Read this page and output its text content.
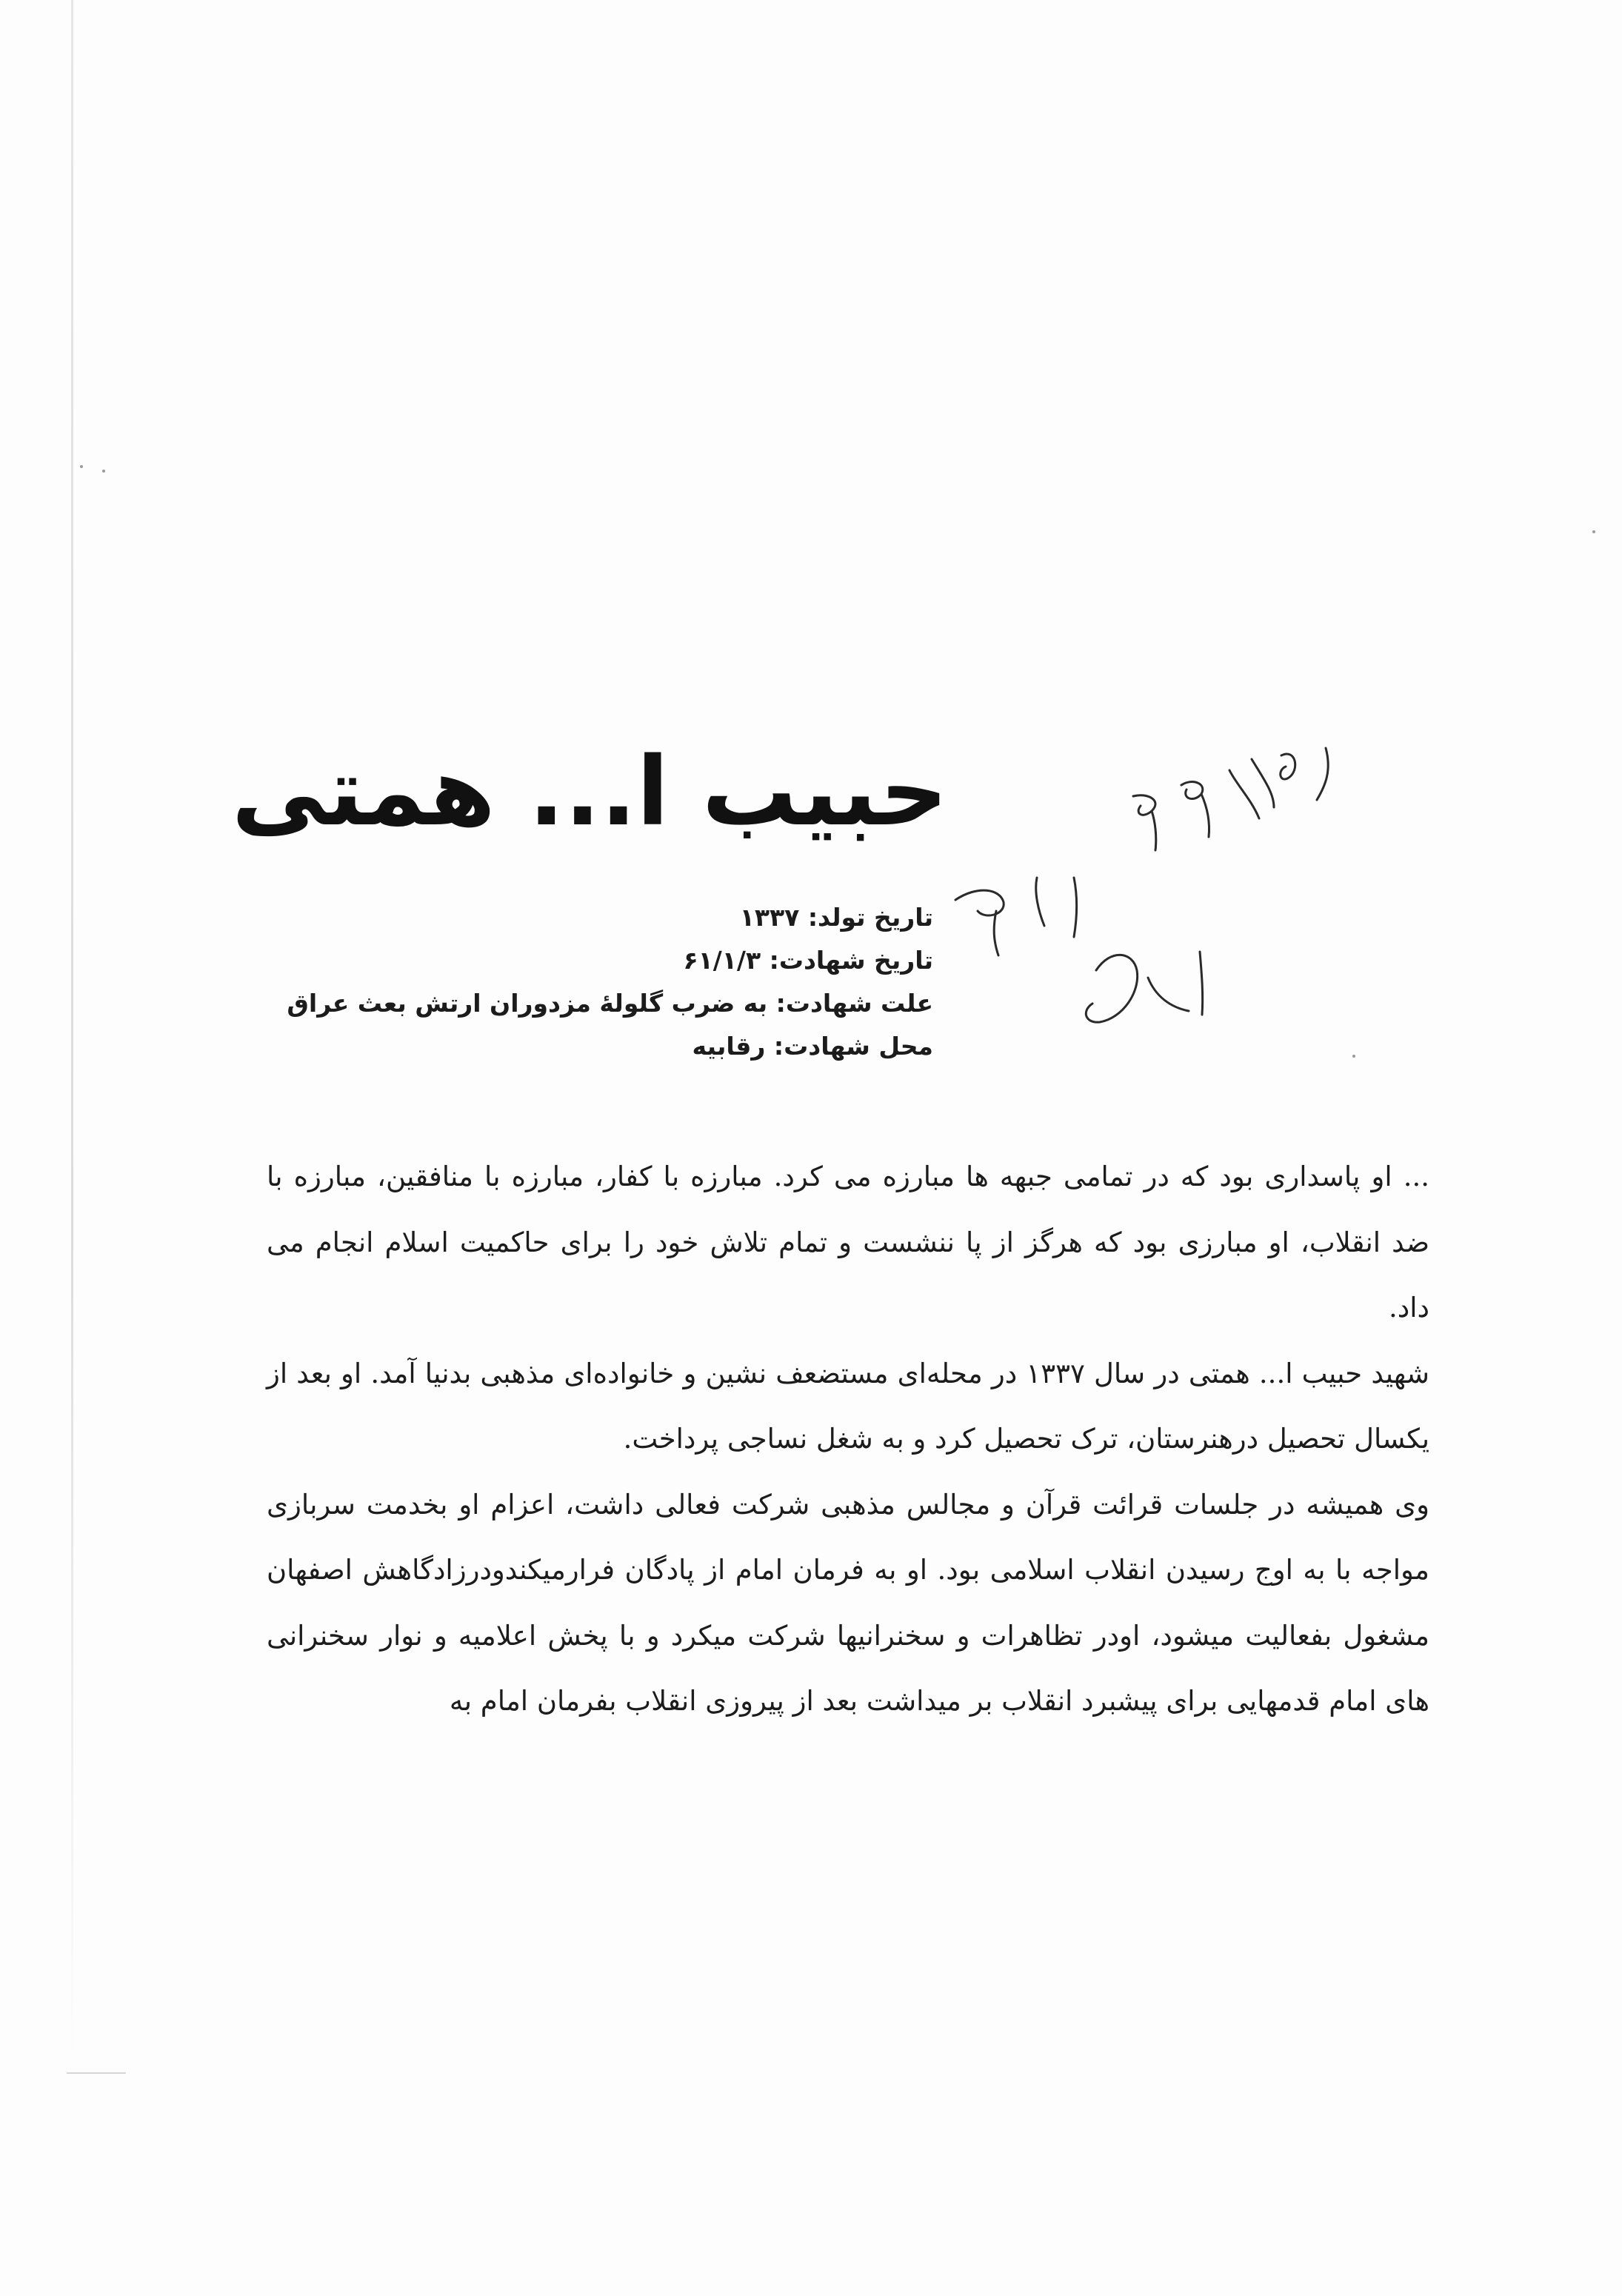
حبیب ا... همتی
تاریخ تولد:۱۳۳۷
تاریخ شهادت:۶۱/۱/۳
علت شهادت:به ضرب گلولهٔ مزدوران ارتش بعث عراق
محل شهادت:رقابیه

... او پاسداری بود که در تمامی جبهه ها مبارزه می کرد. مبارزه با کفار، مبارزه با منافقین، مبارزه با ضد انقلاب، او مبارزی بود که هرگز از پا ننشست و تمام تلاش خود را برای حاکمیت اسلام انجام می داد.

شهید حبیب ا... همتی در سال ۱۳۳۷ در محله‌ای مستضعف نشین و خانواده‌ای مذهبی بدنیا آمد. او بعد از یکسال تحصیل درهنرستان، ترک تحصیل کرد و به شغل نساجی پرداخت.

وی همیشه در جلسات قرائت قرآن و مجالس مذهبی شرکت فعالی داشت، اعزام او بخدمت سربازی مواجه با به اوج رسیدن انقلاب اسلامی بود. او به فرمان امام از پادگان فرارمیکندودرزادگاهش اصفهان مشغول بفعالیت میشود، اودر تظاهرات و سخنرانیها شرکت میکرد و با پخش اعلامیه و نوار سخنرانی های امام قدمهایی برای پیشبرد انقلاب بر میداشت بعد از پیروزی انقلاب بفرمان امام به
